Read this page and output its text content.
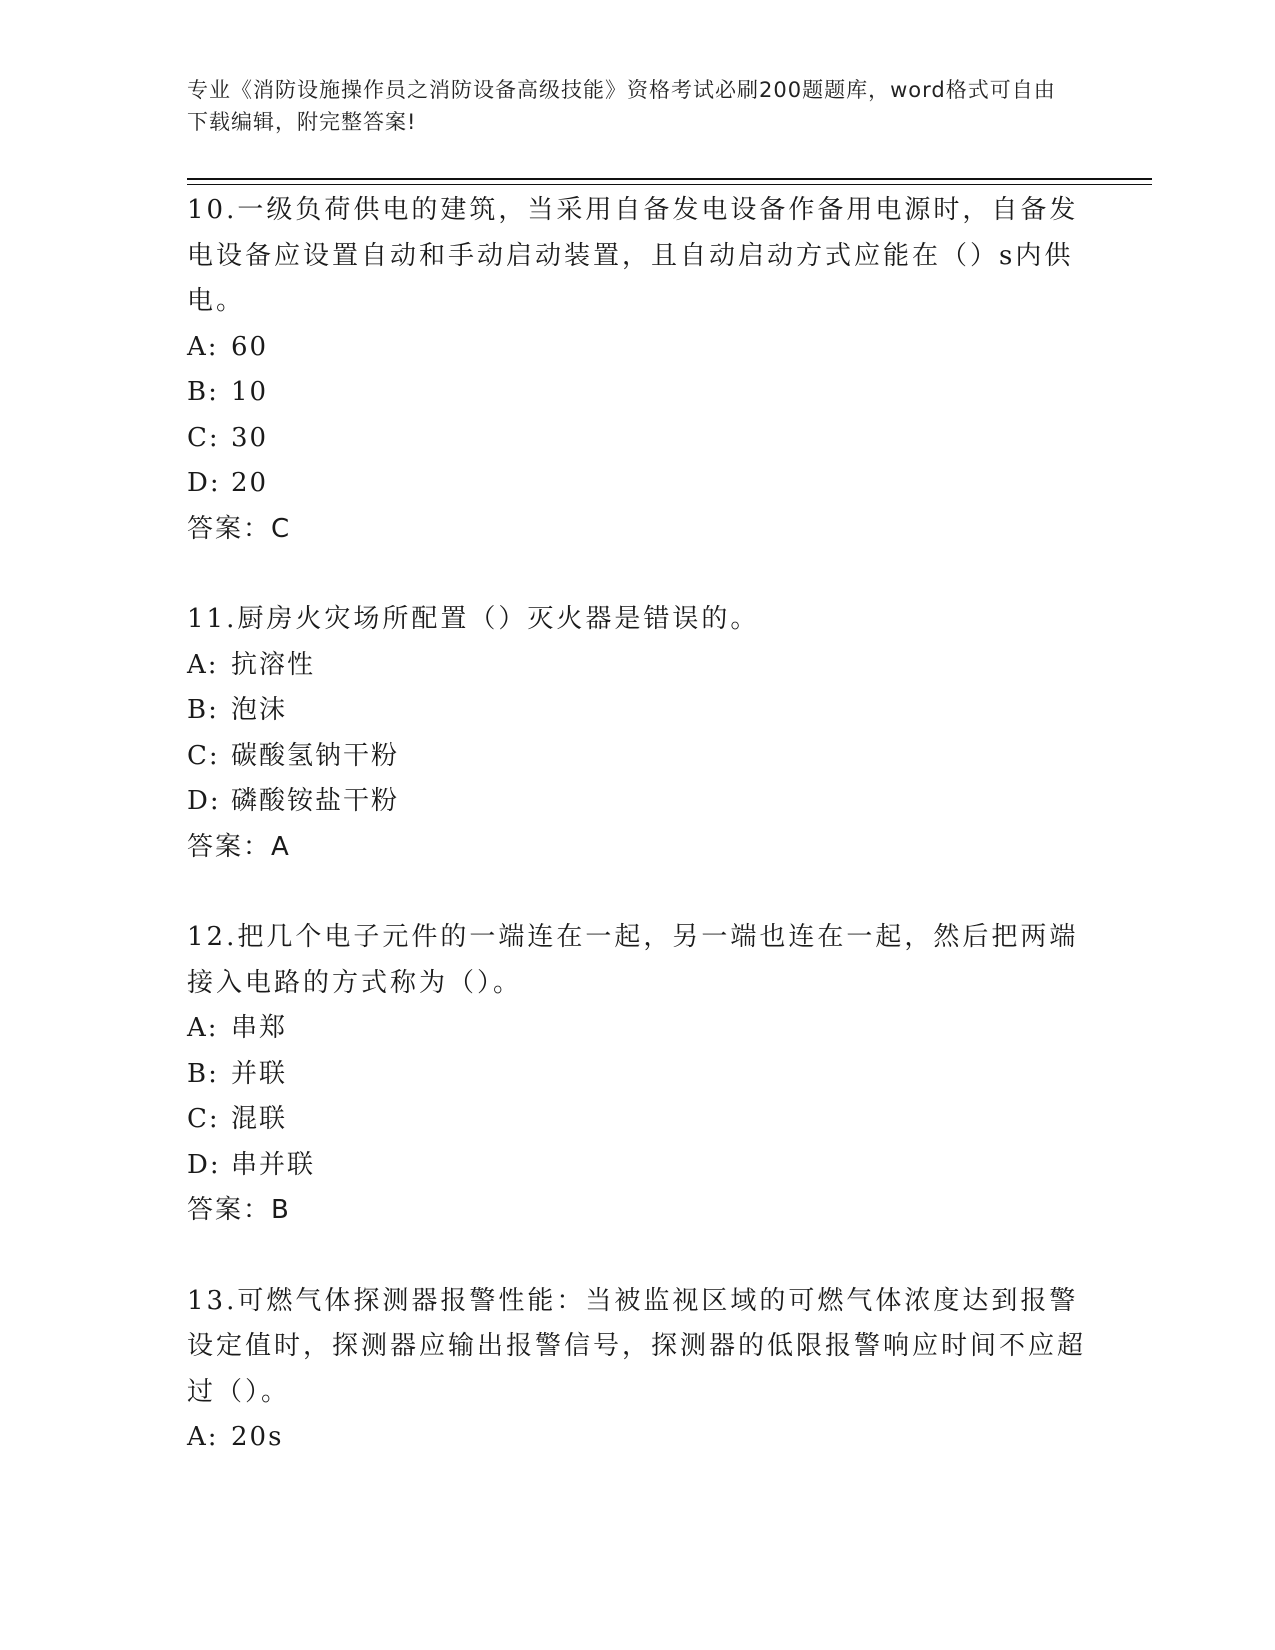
专业《消防设施操作员之消防设备高级技能》资格考试必刷200题题库，word格式可自由下载编辑，附完整答案!

10.一级负荷供电的建筑，当采用自备发电设备作备用电源时，自备发电设备应设置自动和手动启动装置，且自动启动方式应能在（）s内供电。

A: 60

B: 10

C: 30

D: 20

答案：C

11.厨房火灾场所配置（）灭火器是错误的。

A: 抗溶性

B: 泡沫

C: 碳酸氢钠干粉

D: 磷酸铵盐干粉

答案：A

12.把几个电子元件的一端连在一起，另一端也连在一起，然后把两端接入电路的方式称为（）。

A: 串郑

B: 并联

C: 混联

D: 串并联

答案：B

13.可燃气体探测器报警性能：当被监视区域的可燃气体浓度达到报警设定值时，探测器应输出报警信号，探测器的低限报警响应时间不应超过（）。

A: 20s
